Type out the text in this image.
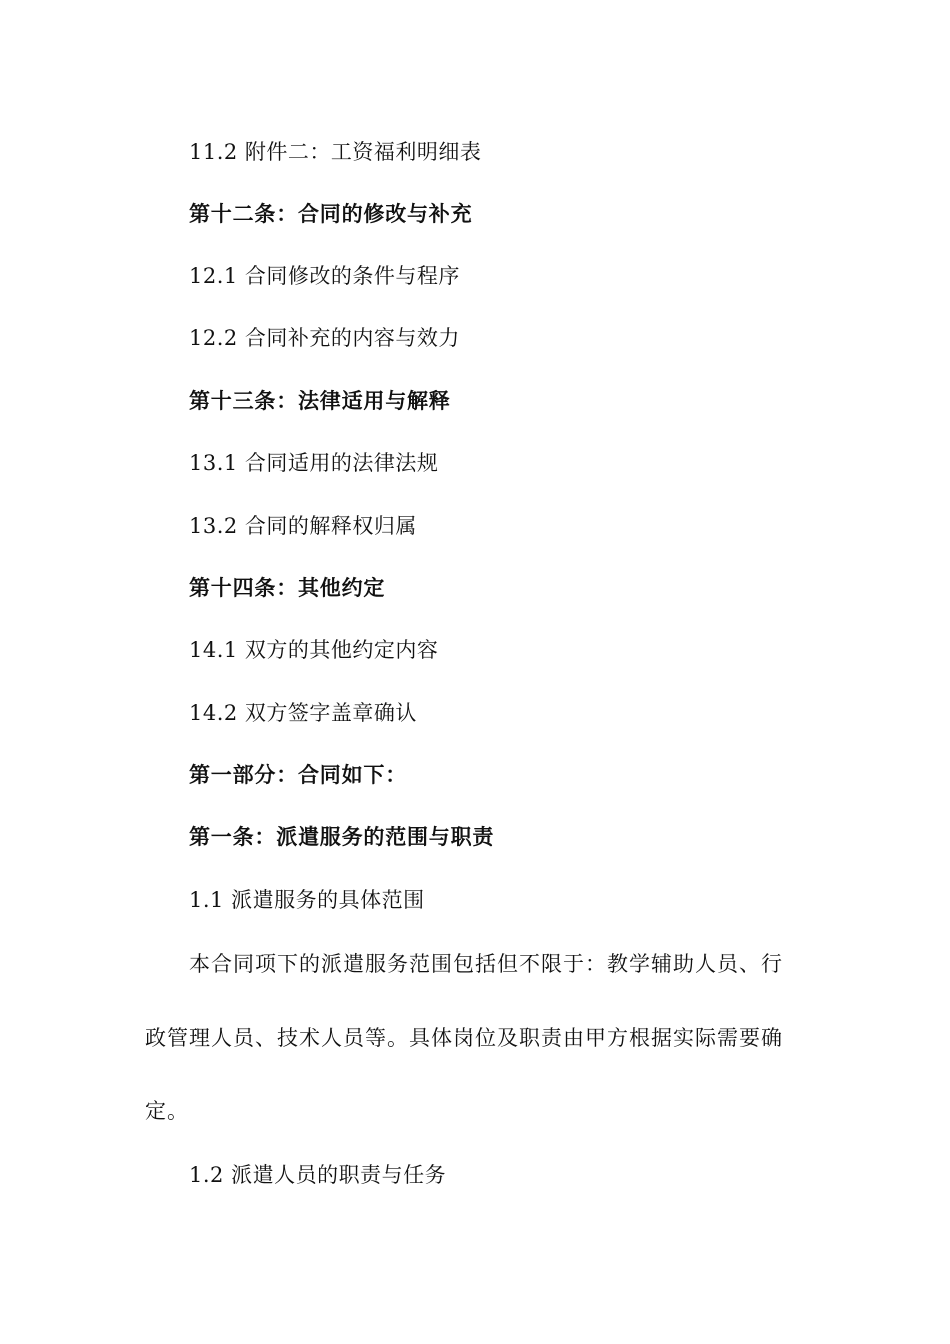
11.2 附件二：工资福利明细表
第十二条：合同的修改与补充
12.1 合同修改的条件与程序
12.2 合同补充的内容与效力
第十三条：法律适用与解释
13.1 合同适用的法律法规
13.2 合同的解释权归属
第十四条：其他约定
14.1 双方的其他约定内容
14.2 双方签字盖章确认
第一部分：合同如下：
第一条：派遣服务的范围与职责
1.1 派遣服务的具体范围
本合同项下的派遣服务范围包括但不限于：教学辅助人员、行
政管理人员、技术人员等。具体岗位及职责由甲方根据实际需要确
定。
1.2 派遣人员的职责与任务
